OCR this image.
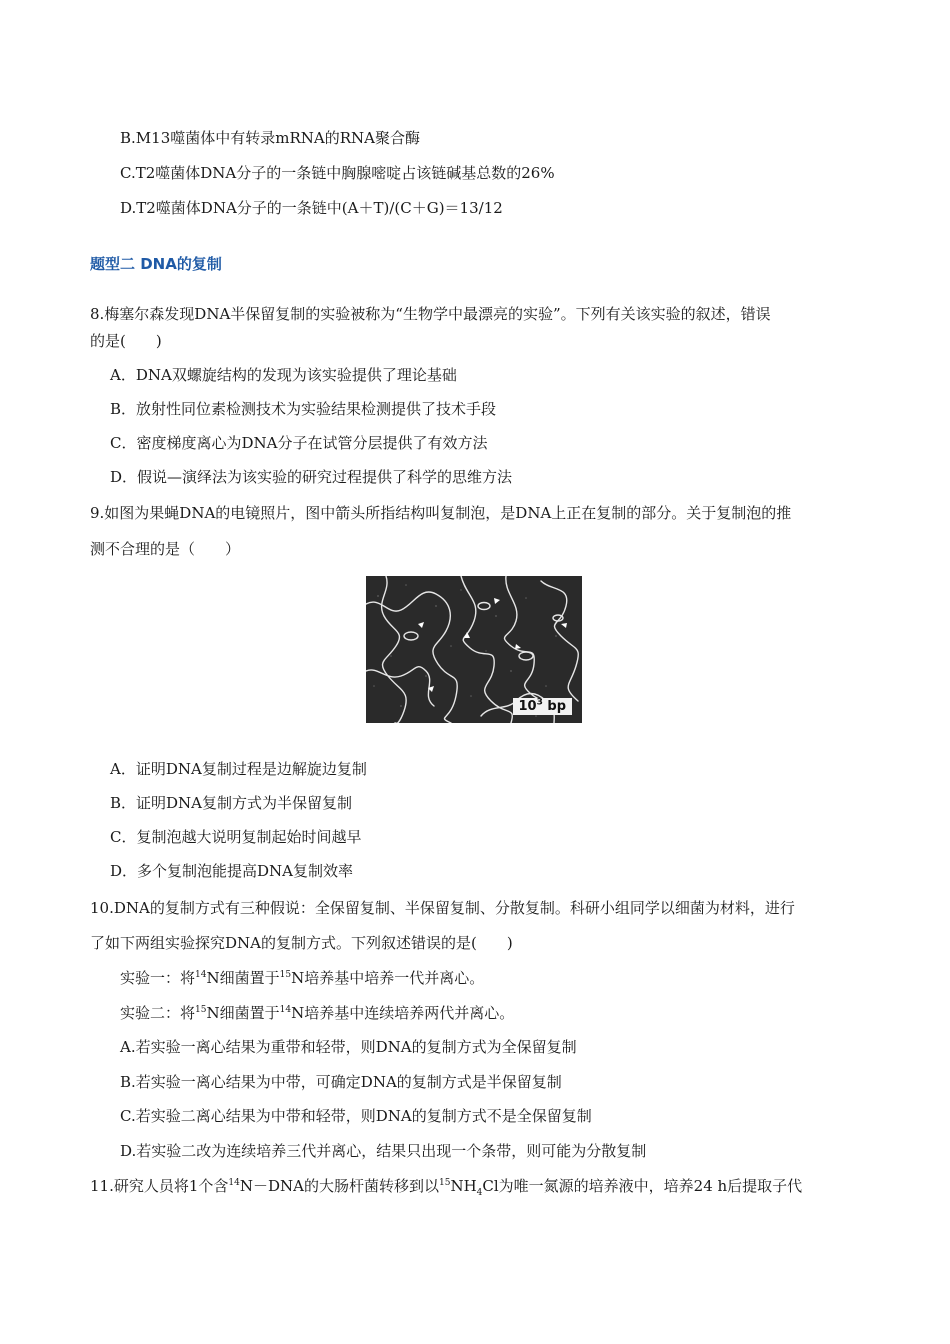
B.M13噬菌体中有转录mRNA的RNA聚合酶
C.T2噬菌体DNA分子的一条链中胸腺嘧啶占该链碱基总数的26%
D.T2噬菌体DNA分子的一条链中(A＋T)/(C＋G)＝13/12
题型二 DNA的复制
8.梅塞尔森发现DNA半保留复制的实验被称为“生物学中最漂亮的实验”。下列有关该实验的叙述，错误
的是(　　)
A．DNA双螺旋结构的发现为该实验提供了理论基础
B．放射性同位素检测技术为实验结果检测提供了技术手段
C．密度梯度离心为DNA分子在试管分层提供了有效方法
D．假说—演绎法为该实验的研究过程提供了科学的思维方法
9.如图为果蝇DNA的电镜照片，图中箭头所指结构叫复制泡，是DNA上正在复制的部分。关于复制泡的推
测不合理的是（　　）
$10^3$ bp
A．证明DNA复制过程是边解旋边复制
B．证明DNA复制方式为半保留复制
C．复制泡越大说明复制起始时间越早
D．多个复制泡能提高DNA复制效率
10.DNA的复制方式有三种假说：全保留复制、半保留复制、分散复制。科研小组同学以细菌为材料，进行
了如下两组实验探究DNA的复制方式。下列叙述错误的是(　　)
实验一：将$^{14}$N细菌置于$^{15}$N培养基中培养一代并离心。
实验二：将$^{15}$N细菌置于$^{14}$N培养基中连续培养两代并离心。
A.若实验一离心结果为重带和轻带，则DNA的复制方式为全保留复制
B.若实验一离心结果为中带，可确定DNA的复制方式是半保留复制
C.若实验二离心结果为中带和轻带，则DNA的复制方式不是全保留复制
D.若实验二改为连续培养三代并离心，结果只出现一个条带，则可能为分散复制
11.研究人员将1个含$^{14}$N－DNA的大肠杆菌转移到以$^{15}NH_4Cl$为唯一氮源的培养液中，培养24 h后提取子代
